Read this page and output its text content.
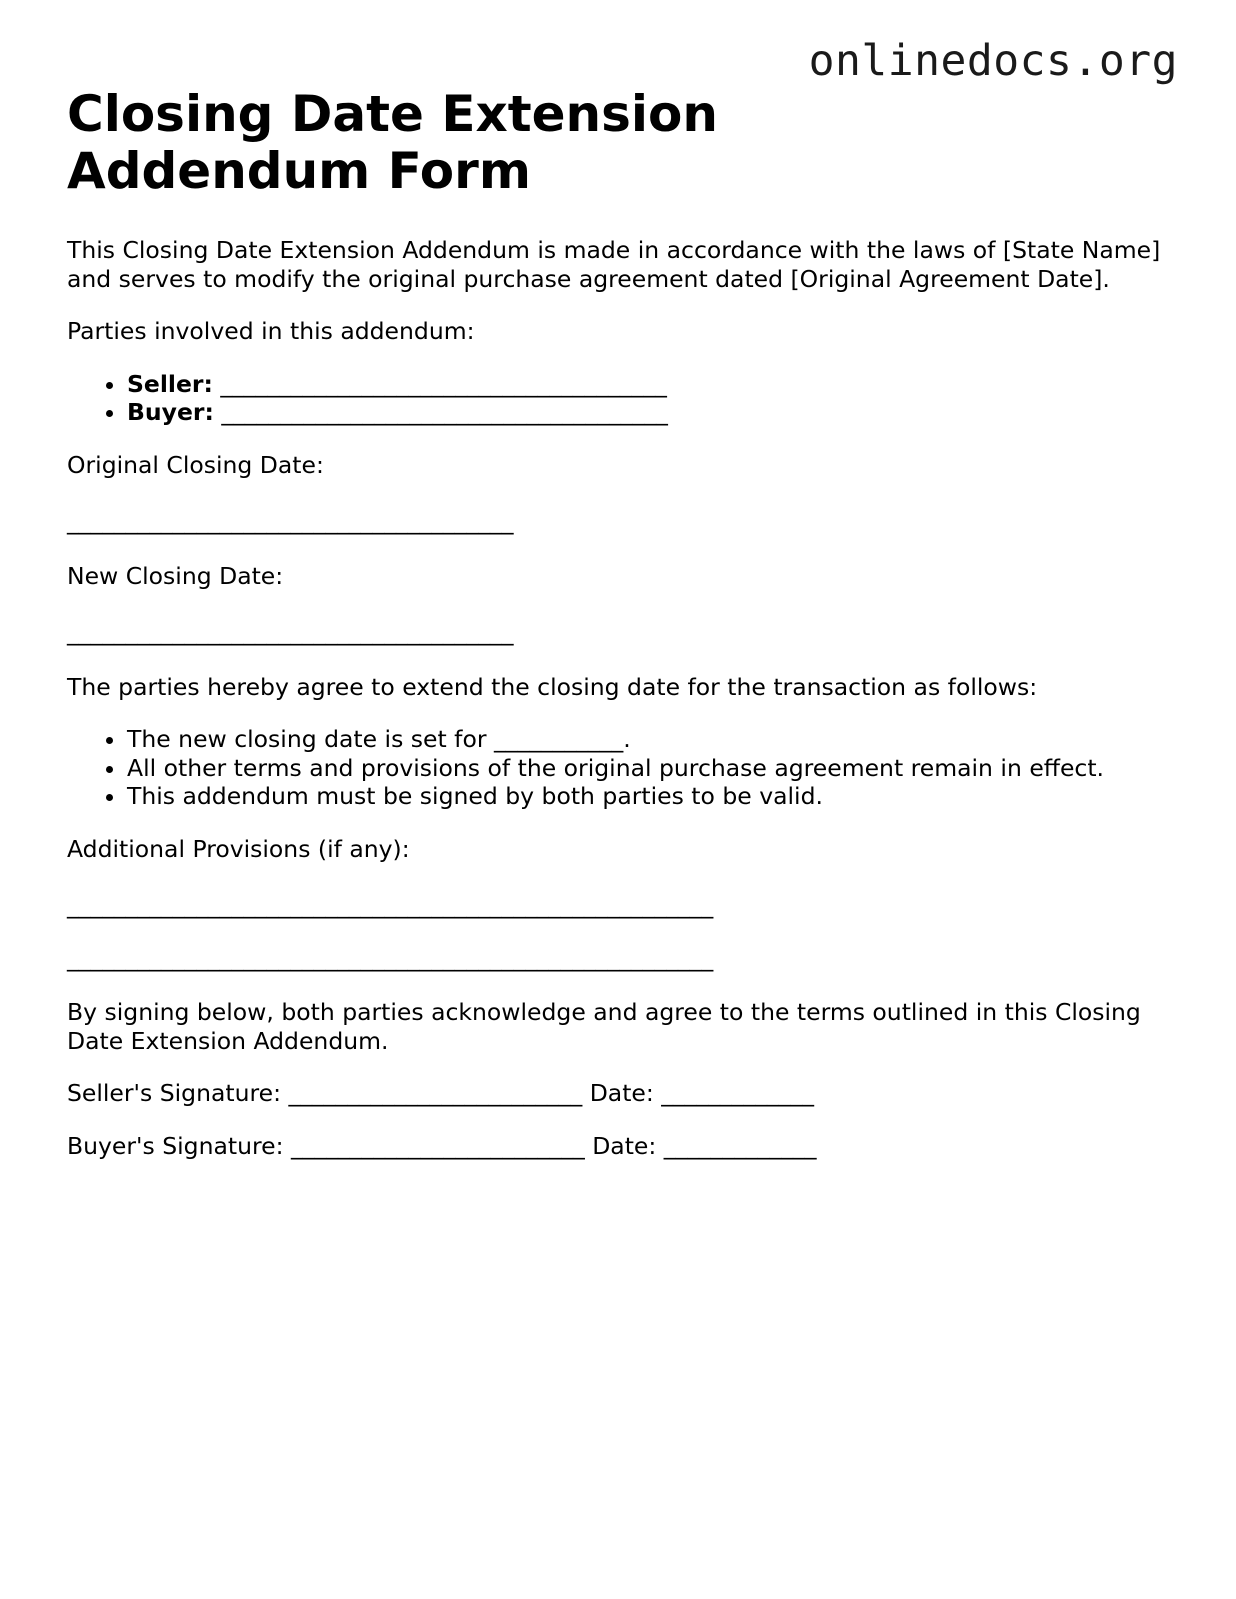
onlinedocs.org
Closing Date Extension Addendum Form

This Closing Date Extension Addendum is made in accordance with the laws of [State Name] and serves to modify the original purchase agreement dated [Original Agreement Date].

Parties involved in this addendum:

• Seller: ______________________________________
• Buyer: ______________________________________

Original Closing Date:

______________________________________

New Closing Date:

______________________________________

The parties hereby agree to extend the closing date for the transaction as follows:

• The new closing date is set for ___________.
• All other terms and provisions of the original purchase agreement remain in effect.
• This addendum must be signed by both parties to be valid.

Additional Provisions (if any):

_______________________________________________________
_______________________________________________________

By signing below, both parties acknowledge and agree to the terms outlined in this Closing Date Extension Addendum.

Seller's Signature: _________________________ Date: _____________

Buyer's Signature: _________________________ Date: _____________
